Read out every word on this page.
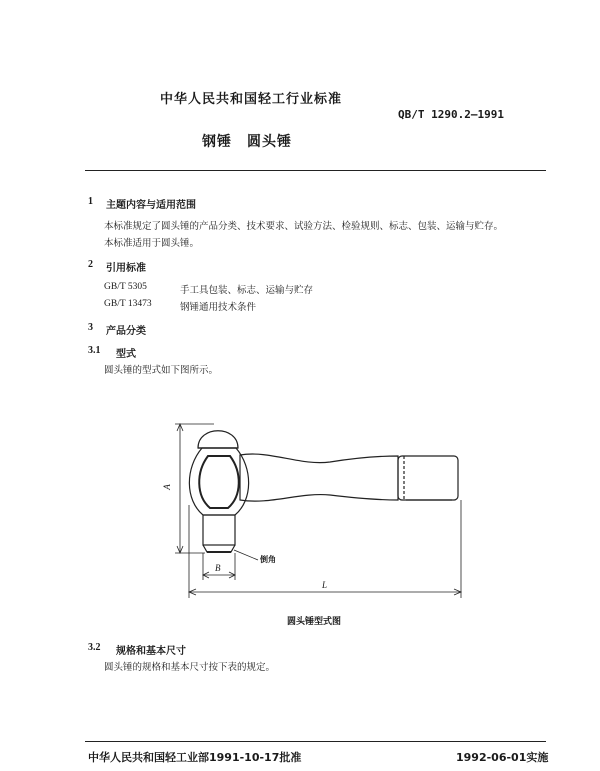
中华人民共和国轻工行业标准
QB/T 1290.2—1991
钢锤　圆头锤
1 主题内容与适用范围
本标准规定了圆头锤的产品分类、技术要求、试验方法、检验规则、标志、包装、运输与贮存。
本标准适用于圆头锤。
2 引用标准
GB/T 5305	手工具包装、标志、运输与贮存
GB/T 13473	钢锤通用技术条件
3 产品分类
3.1 型式
圆头锤的型式如下图所示。
A
B
L
倒角
圆头锤型式图
3.2 规格和基本尺寸
圆头锤的规格和基本尺寸按下表的规定。
中华人民共和国轻工业部1991-10-17批准	1992-06-01实施
